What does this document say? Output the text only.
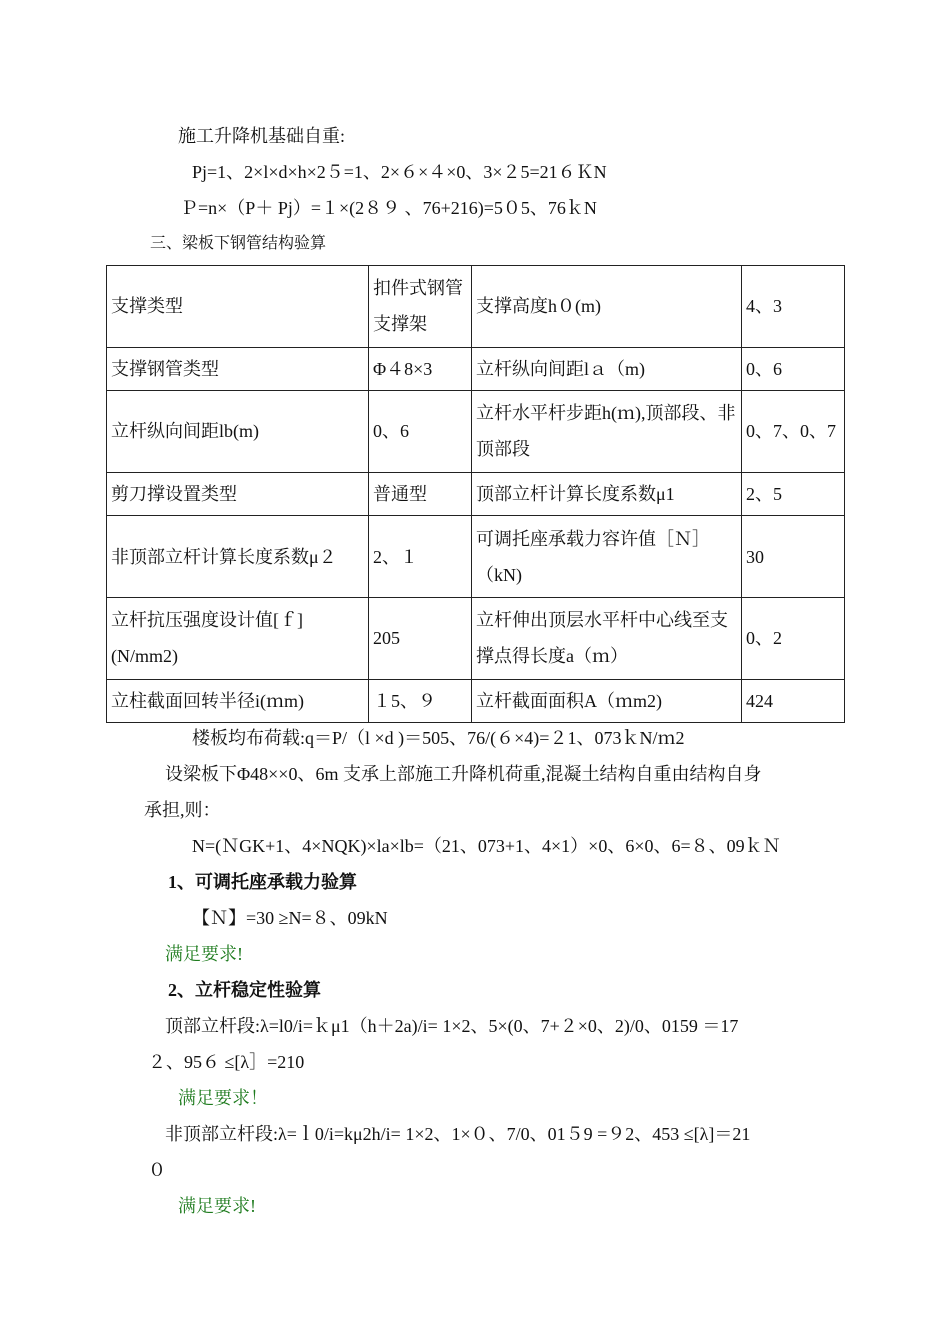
施工升降机基础自重:
Pj=1、2×l×d×h×2５=1、2×６×４×0、3×２5=21６ＫN
Ｐ=n×（P＋ Pj）=１×(2８９ 、76+216)=5０5、76ｋN
三、梁板下钢管结构验算
支撑类型	扣件式钢管支撑架	支撑高度h０(m)	4、3
支撑钢管类型	Φ４8×3	立杆纵向间距lａ（m)	0、6
立杆纵向间距lb(m)	0、6	立杆水平杆步距h(ｍ),顶部段、非顶部段	0、7、0、7
剪刀撑设置类型	普通型	顶部立杆计算长度系数μ1	2、5
非顶部立杆计算长度系数μ２	2、１	可调托座承载力容许值［Ｎ］（kN)	30
立杆抗压强度设计值[ｆ](N/mm2)	205	立杆伸出顶层水平杆中心线至支撑点得长度a（ｍ）	0、2
立柱截面回转半径i(ｍm)	１5、９	立杆截面面积A（ｍm2)	424
楼板均布荷载:q＝P/（l ×d )＝505、76/(６×4)=２1、073ｋN/ｍ2
设梁板下Φ48××0、6m 支承上部施工升降机荷重,混凝土结构自重由结构自身
承担,则：
N=(ＮGK+1、4×NQK)×la×lb=（21、073+1、4×1）×0、6×0、6=８、09ｋＮ
1、可调托座承载力验算
【Ｎ】=30 ≥N=８、09kN
满足要求!
2、立杆稳定性验算
顶部立杆段:λ=l0/i=ｋμ1（h＋2a)/i= 1×2、5×(0、7+２×0、2)/0、0159 ＝17
２、95６ ≤[λ］=210
满足要求！
非顶部立杆段:λ=ｌ0/i=kμ2h/i= 1×2、1×０、7/0、01５9 =９2、453 ≤[λ]＝21
０
满足要求!
